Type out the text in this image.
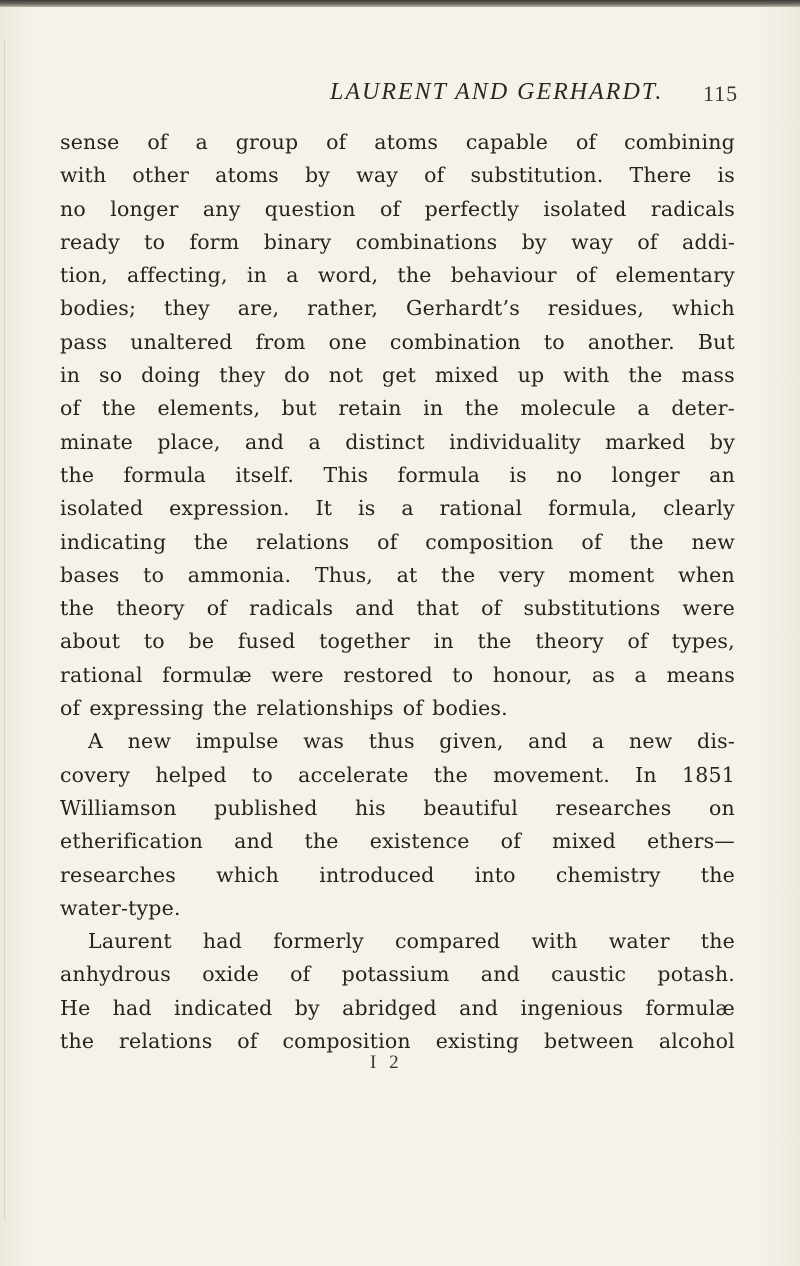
LAURENT AND GERHARDT. 115
sense of a group of atoms capable of combining
with other atoms by way of substitution. There is
no longer any question of perfectly isolated radicals
ready to form binary combinations by way of addi-
tion, affecting, in a word, the behaviour of elementary
bodies; they are, rather, Gerhardt’s residues, which
pass unaltered from one combination to another. But
in so doing they do not get mixed up with the mass
of the elements, but retain in the molecule a deter-
minate place, and a distinct individuality marked by
the formula itself. This formula is no longer an
isolated expression. It is a rational formula, clearly
indicating the relations of composition of the new
bases to ammonia. Thus, at the very moment when
the theory of radicals and that of substitutions were
about to be fused together in the theory of types,
rational formulæ were restored to honour, as a means
of expressing the relationships of bodies.
A new impulse was thus given, and a new dis-
covery helped to accelerate the movement. In 1851
Williamson published his beautiful researches on
etherification and the existence of mixed ethers—
researches which introduced into chemistry the
water-type.
Laurent had formerly compared with water the
anhydrous oxide of potassium and caustic potash.
He had indicated by abridged and ingenious formulæ
the relations of composition existing between alcohol
I 2
